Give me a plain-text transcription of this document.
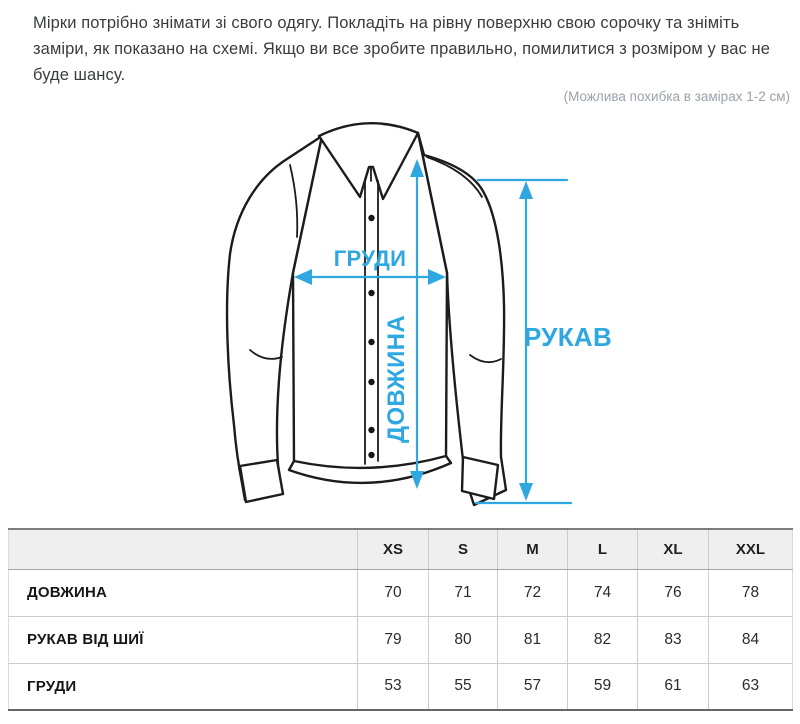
Мірки потрібно знімати зі свого одягу. Покладіть на рівну поверхню свою сорочку та зніміть заміри, як показано на схемі. Якщо ви все зробите правильно, помилитися з розміром у вас не буде шансу.

(Можлива похибка в замірах 1-2 см)
ГРУДИ
ДОВЖИНА	РУКАВ
	XS	S	M	L	XL	XXL
ДОВЖИНА	70	71	72	74	76	78
РУКАВ ВІД ШИЇ	79	80	81	82	83	84
ГРУДИ	53	55	57	59	61	63
